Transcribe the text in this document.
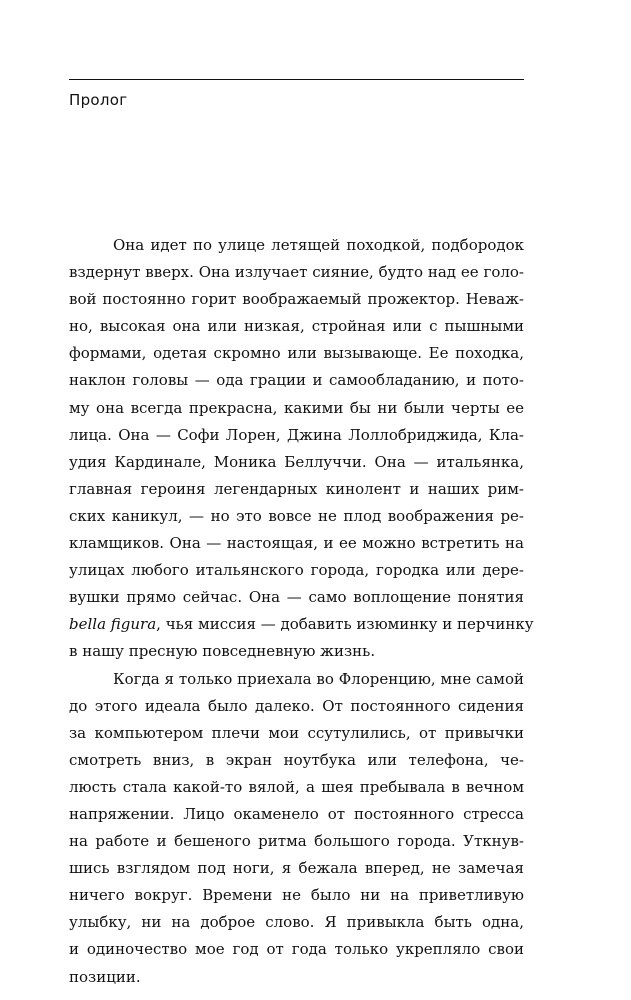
Пролог

Она идет по улице летящей походкой, подбородок
вздернут вверх. Она излучает сияние, будто над ее голо-
вой постоянно горит воображаемый прожектор. Неваж-
но, высокая она или низкая, стройная или с пышными
формами, одетая скромно или вызывающе. Ее походка,
наклон головы — ода грации и самообладанию, и пото-
му она всегда прекрасна, какими бы ни были черты ее
лица. Она — Софи Лорен, Джина Лоллобриджида, Кла-
удия Кардинале, Моника Беллуччи. Она — итальянка,
главная героиня легендарных кинолент и наших рим-
ских каникул, — но это вовсе не плод воображения ре-
кламщиков. Она — настоящая, и ее можно встретить на
улицах любого итальянского города, городка или дере-
вушки прямо сейчас. Она — само воплощение понятия
bella figura, чья миссия — добавить изюминку и перчинку
в нашу пресную повседневную жизнь.

Когда я только приехала во Флоренцию, мне самой
до этого идеала было далеко. От постоянного сидения
за компьютером плечи мои ссутулились, от привычки
смотреть вниз, в экран ноутбука или телефона, че-
люсть стала какой-то вялой, а шея пребывала в вечном
напряжении. Лицо окаменело от постоянного стресса
на работе и бешеного ритма большого города. Уткнув-
шись взглядом под ноги, я бежала вперед, не замечая
ничего вокруг. Времени не было ни на приветливую
улыбку, ни на доброе слово. Я привыкла быть одна,
и одиночество мое год от года только укрепляло свои
позиции.
